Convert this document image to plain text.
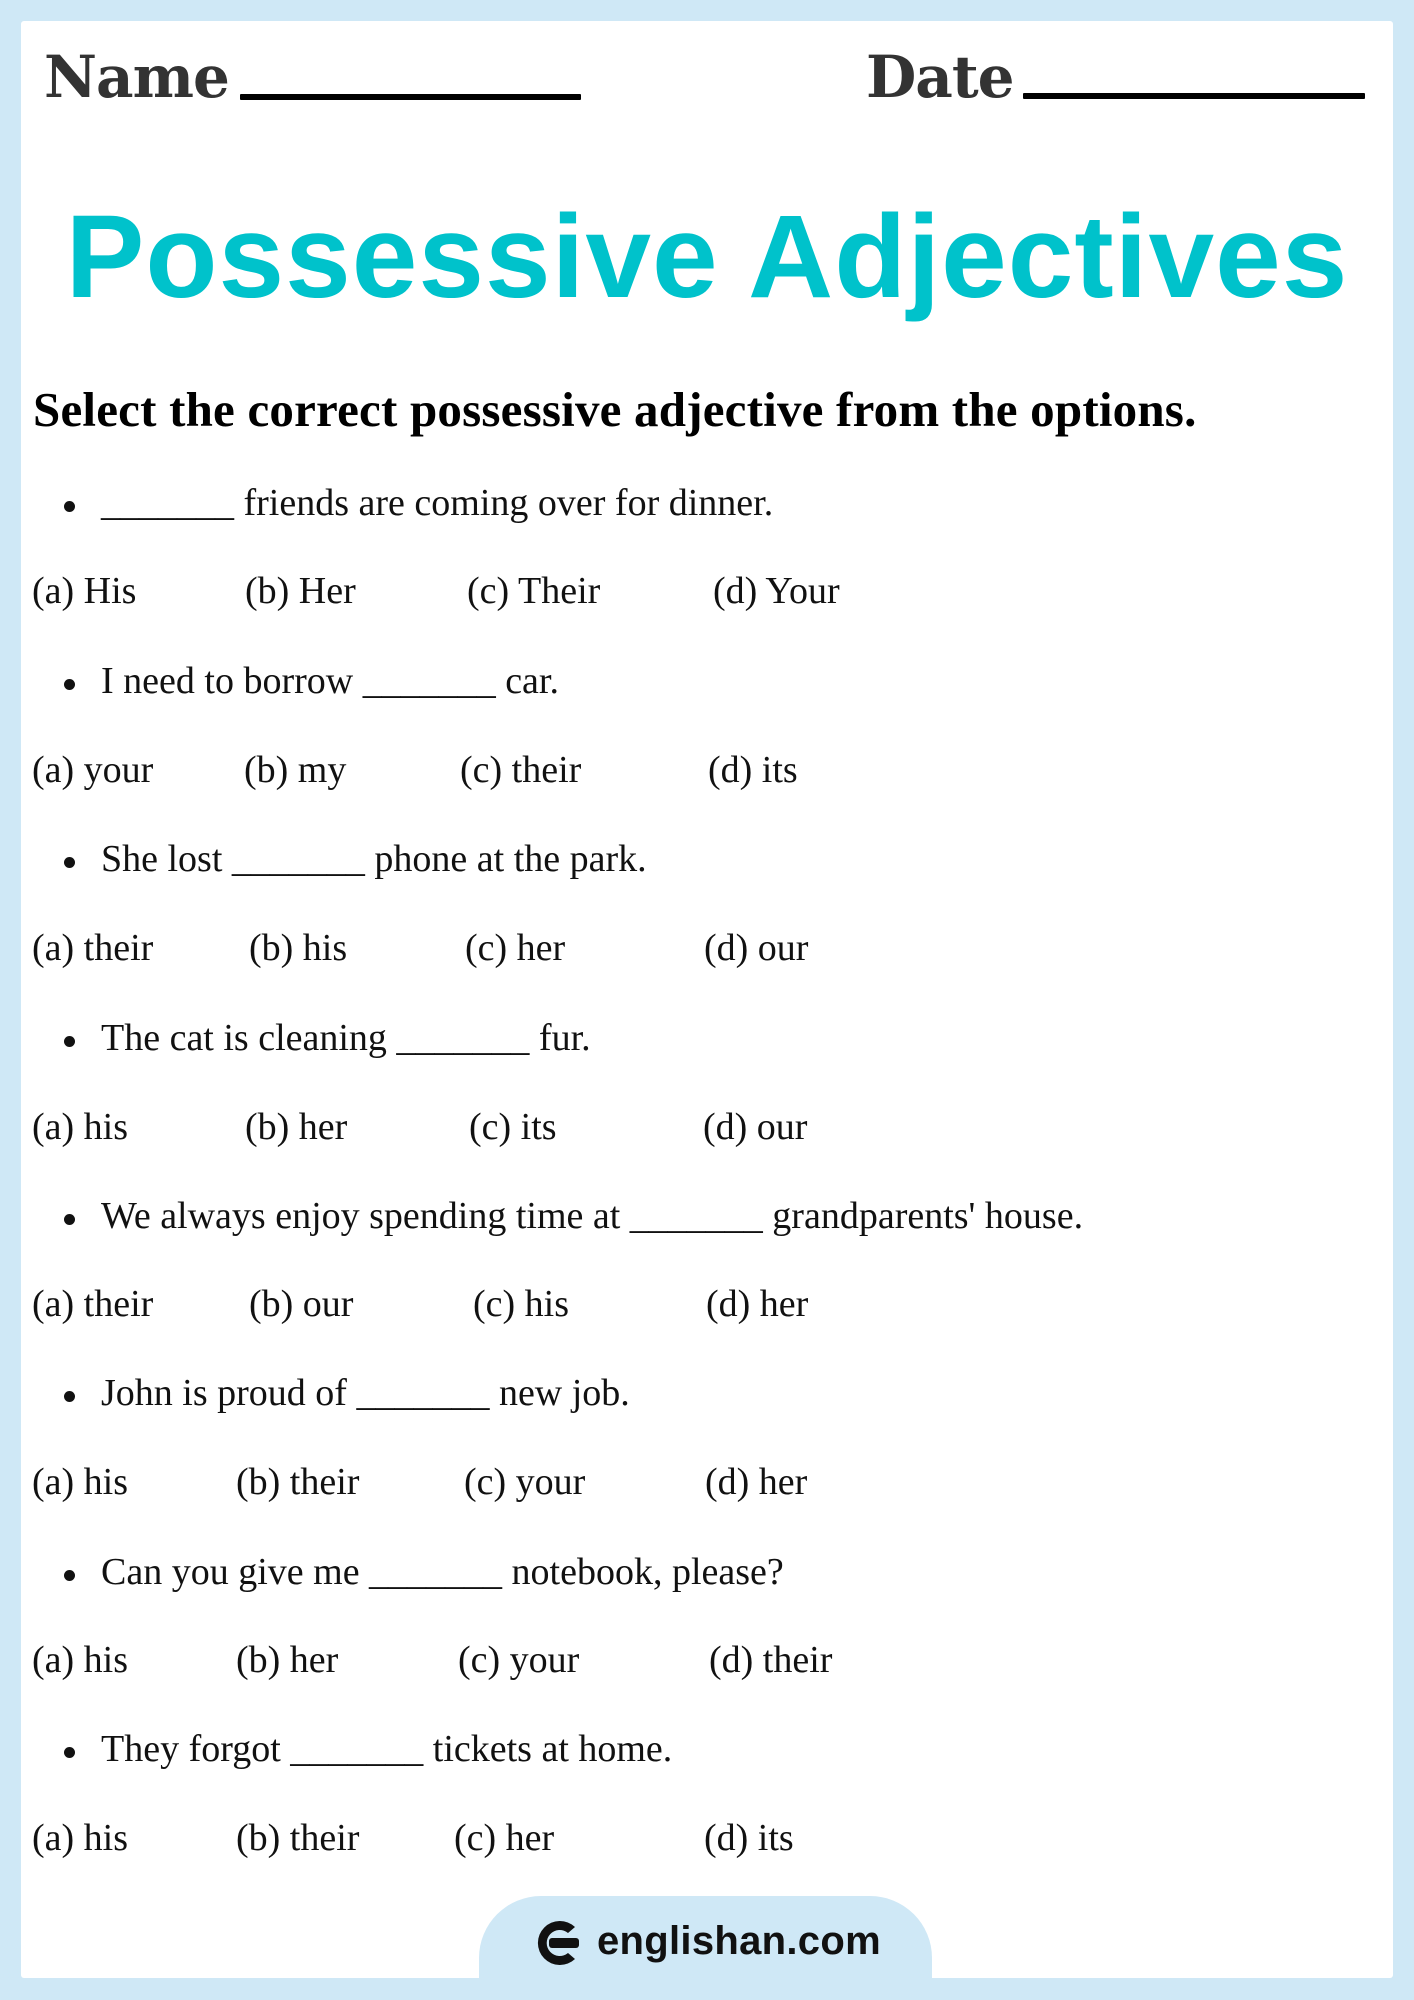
Name	Date
Possessive Adjectives
Select the correct possessive adjective from the options.
_______ friends are coming over for dinner.
(a) His	(b) Her	(c) Their	(d) Your
I need to borrow _______ car.
(a) your (b) my	(c) their	(d) its
She lost _______ phone at the park.
(a) their	(b) his	(c) her	(d) our
The cat is cleaning _______ fur.
(a) his	(b) her	(c) its	(d) our
We always enjoy spending time at _______ grandparents' house.
(a) their	(b) our	(c) his	(d) her
John is proud of _______ new job.
(a) his	(b) their	(c) your	(d) her
Can you give me _______ notebook, please?
(a) his	(b) her	(c) your	(d) their
They forgot _______ tickets at home.
(a) his	(b) their (c) her	(d) its
englishan.com
